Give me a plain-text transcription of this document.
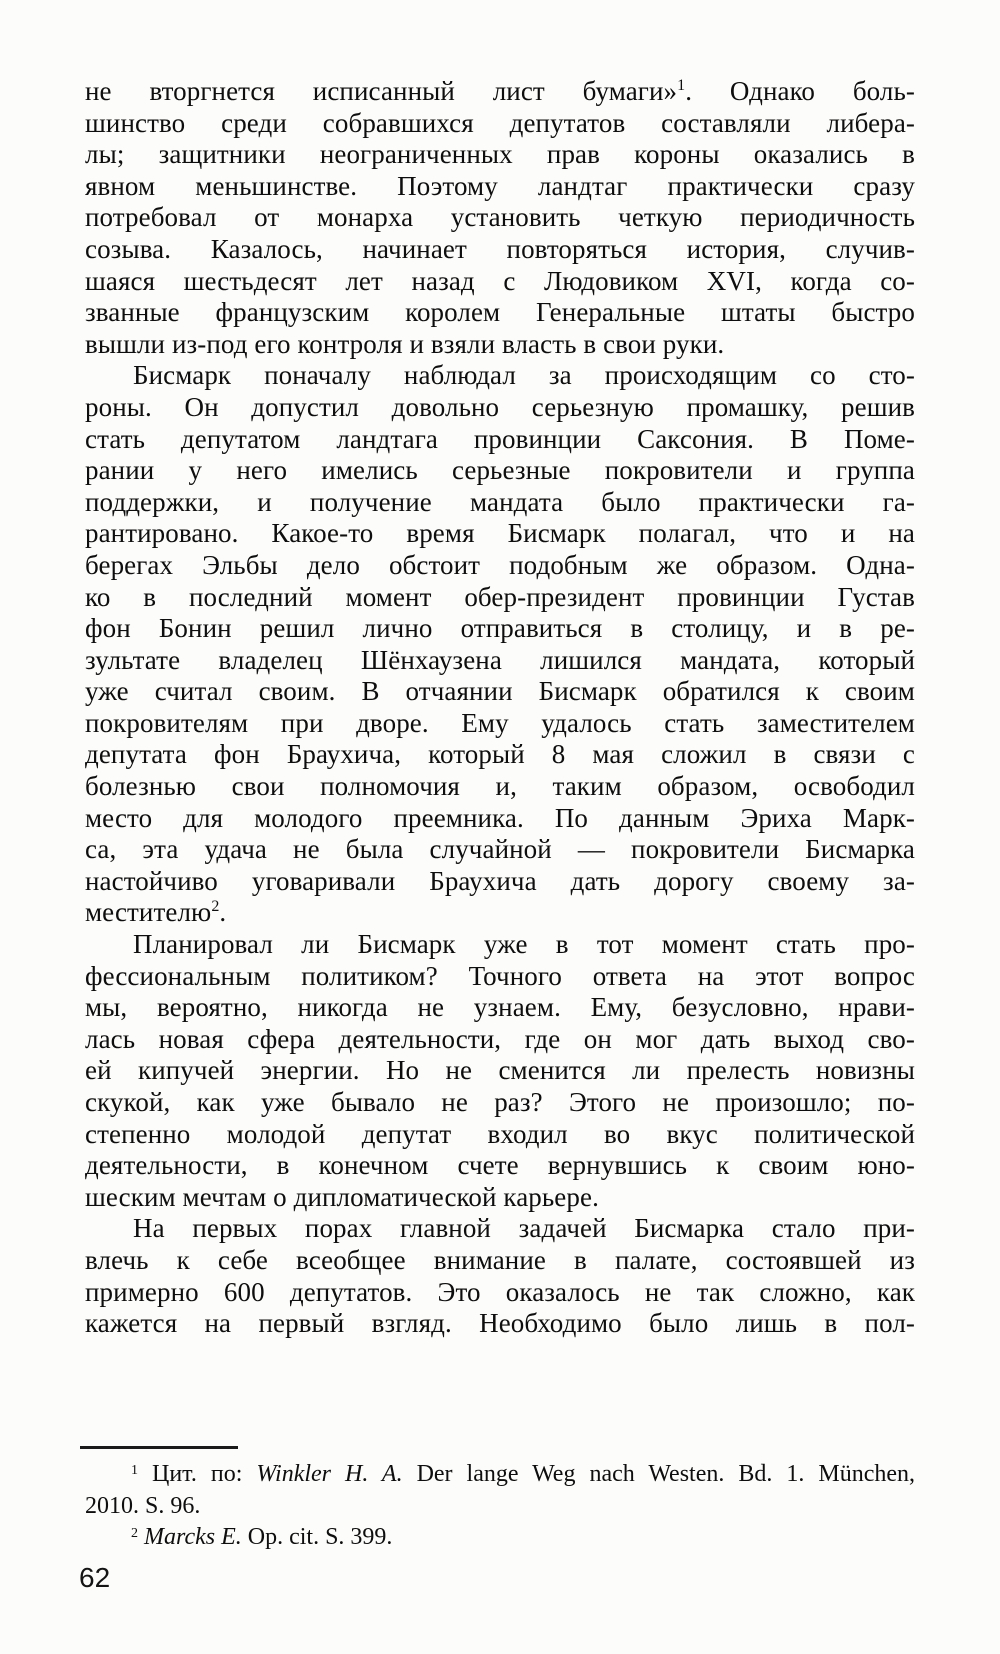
не вторгнется исписанный лист бумаги»$^1$. Однако боль-
шинство среди собравшихся депутатов составляли либера-
лы; защитники неограниченных прав короны оказались в
явном меньшинстве. Поэтому ландтаг практически сразу
потребовал от монарха установить четкую периодичность
созыва. Казалось, начинает повторяться история, случив-
шаяся шестьдесят лет назад с Людовиком XVI, когда со-
званные французским королем Генеральные штаты быстро
вышли из-под его контроля и взяли власть в свои руки.
Бисмарк поначалу наблюдал за происходящим со сто-
роны. Он допустил довольно серьезную промашку, решив
стать депутатом ландтага провинции Саксония. В Поме-
рании у него имелись серьезные покровители и группа
поддержки, и получение мандата было практически га-
рантировано. Какое-то время Бисмарк полагал, что и на
берегах Эльбы дело обстоит подобным же образом. Одна-
ко в последний момент обер-президент провинции Густав
фон Бонин решил лично отправиться в столицу, и в ре-
зультате владелец Шёнхаузена лишился мандата, который
уже считал своим. В отчаянии Бисмарк обратился к своим
покровителям при дворе. Ему удалось стать заместителем
депутата фон Браухича, который 8 мая сложил в связи с
болезнью свои полномочия и, таким образом, освободил
место для молодого преемника. По данным Эриха Марк-
са, эта удача не была случайной — покровители Бисмарка
настойчиво уговаривали Браухича дать дорогу своему за-
местителю$^2$.
Планировал ли Бисмарк уже в тот момент стать про-
фессиональным политиком? Точного ответа на этот вопрос
мы, вероятно, никогда не узнаем. Ему, безусловно, нрави-
лась новая сфера деятельности, где он мог дать выход сво-
ей кипучей энергии. Но не сменится ли прелесть новизны
скукой, как уже бывало не раз? Этого не произошло; по-
степенно молодой депутат входил во вкус политической
деятельности, в конечном счете вернувшись к своим юно-
шеским мечтам о дипломатической карьере.
На первых порах главной задачей Бисмарка стало при-
влечь к себе всеобщее внимание в палате, состоявшей из
примерно 600 депутатов. Это оказалось не так сложно, как
кажется на первый взгляд. Необходимо было лишь в пол-
$^1$ Цит. по: Winkler H. A. Der lange Weg nach Westen. Bd. 1. München,
2010. S. 96.
$^2$ Marcks E. Op. cit. S. 399.
62
